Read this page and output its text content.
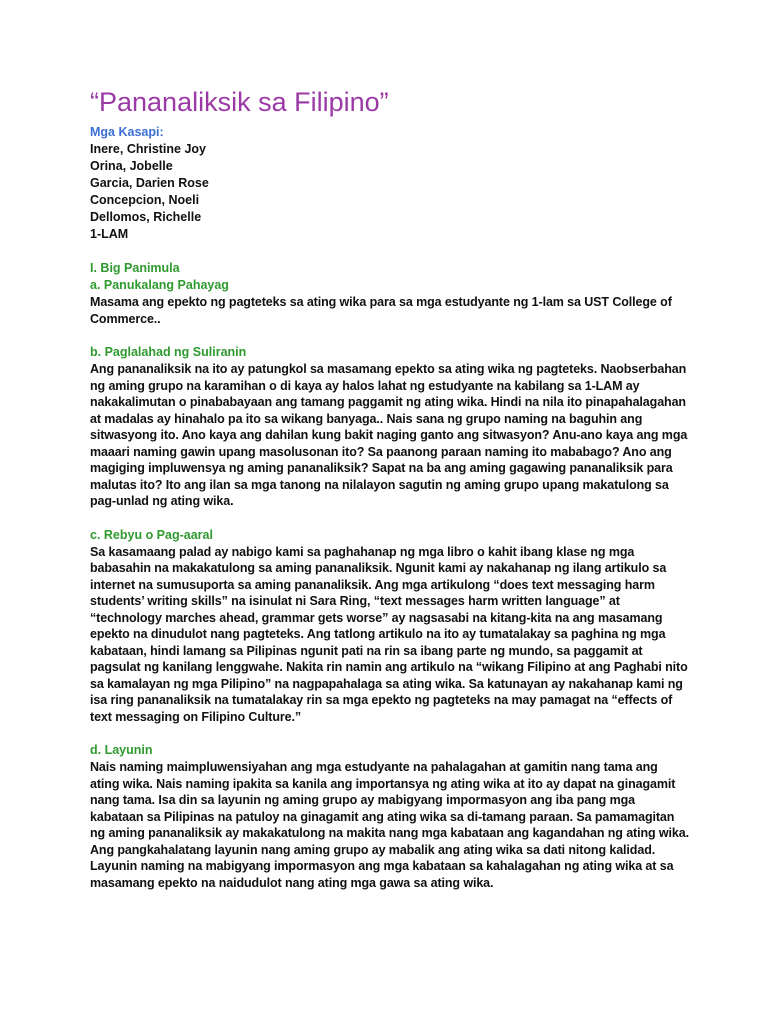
“Pananaliksik sa Filipino”
Mga Kasapi:
Inere, Christine Joy
Orina, Jobelle
Garcia, Darien Rose
Concepcion, Noeli
Dellomos, Richelle
1-LAM
I. Big Panimula
a. Panukalang Pahayag

Masama ang epekto ng pagteteks sa ating wika para sa mga estudyante ng 1-lam sa UST College of Commerce..

b. Paglalahad ng Suliranin

Ang pananaliksik na ito ay patungkol sa masamang epekto sa ating wika ng pagteteks. Naobserbahan ng aming grupo na karamihan o di kaya ay halos lahat ng estudyante na kabilang sa 1-LAM ay nakakalimutan o pinababayaan ang tamang paggamit ng ating wika. Hindi na nila ito pinapahalagahan at madalas ay hinahalo pa ito sa wikang banyaga.. Nais sana ng grupo naming na baguhin ang sitwasyong ito. Ano kaya ang dahilan kung bakit naging ganto ang sitwasyon? Anu-ano kaya ang mga maaari naming gawin upang masolusonan ito? Sa paanong paraan naming ito mababago? Ano ang magiging impluwensya ng aming pananaliksik? Sapat na ba ang aming gagawing pananaliksik para malutas ito? Ito ang ilan sa mga tanong na nilalayon sagutin ng aming grupo upang makatulong sa pag-unlad ng ating wika.

c. Rebyu o Pag-aaral

Sa kasamaang palad ay nabigo kami sa paghahanap ng mga libro o kahit ibang klase ng mga babasahin na makakatulong sa aming pananaliksik. Ngunit kami ay nakahanap ng ilang artikulo sa internet na sumusuporta sa aming pananaliksik. Ang mga artikulong “does text messaging harm students’ writing skills” na isinulat ni Sara Ring, “text messages harm written language” at “technology marches ahead, grammar gets worse” ay nagsasabi na kitang-kita na ang masamang epekto na dinudulot nang pagteteks. Ang tatlong artikulo na ito ay tumatalakay sa paghina ng mga kabataan, hindi lamang sa Pilipinas ngunit pati na rin sa ibang parte ng mundo, sa paggamit at pagsulat ng kanilang lenggwahe. Nakita rin namin ang artikulo na “wikang Filipino at ang Paghabi nito sa kamalayan ng mga Pilipino” na nagpapahalaga sa ating wika. Sa katunayan ay nakahanap kami ng isa ring pananaliksik na tumatalakay rin sa mga epekto ng pagteteks na may pamagat na “effects of text messaging on Filipino Culture.”

d. Layunin

Nais naming maimpluwensiyahan ang mga estudyante na pahalagahan at gamitin nang tama ang ating wika. Nais naming ipakita sa kanila ang importansya ng ating wika at ito ay dapat na ginagamit nang tama. Isa din sa layunin ng aming grupo ay mabigyang impormasyon ang iba pang mga kabataan sa Pilipinas na patuloy na ginagamit ang ating wika sa di-tamang paraan. Sa pamamagitan ng aming pananaliksik ay makakatulong na makita nang mga kabataan ang kagandahan ng ating wika.

Ang pangkahalatang layunin nang aming grupo ay mabalik ang ating wika sa dati nitong kalidad. Layunin naming na mabigyang impormasyon ang mga kabataan sa kahalagahan ng ating wika at sa masamang epekto na naidudulot nang ating mga gawa sa ating wika.
